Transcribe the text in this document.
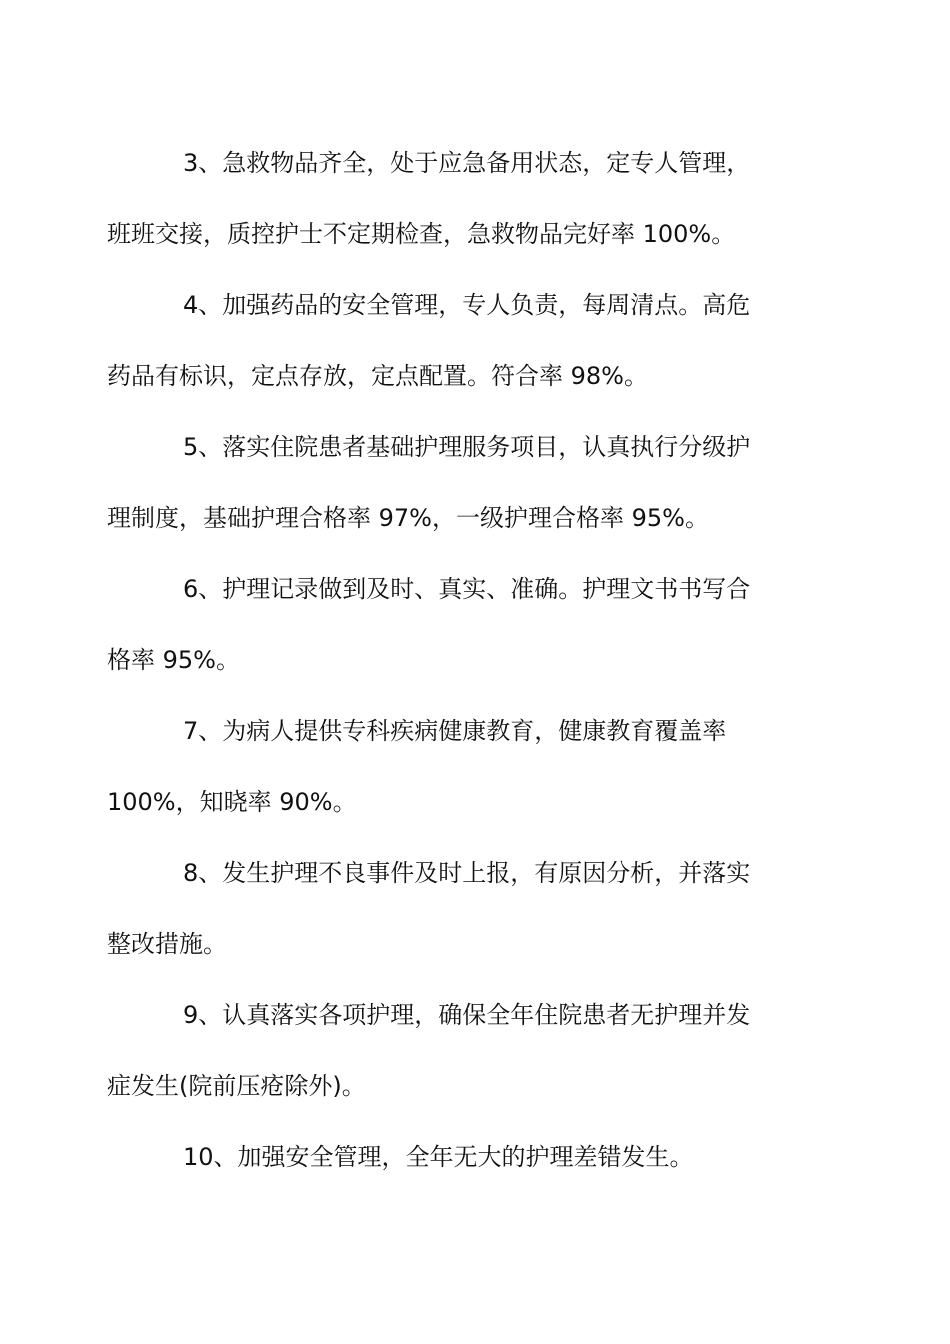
3、急救物品齐全，处于应急备用状态，定专人管理，
班班交接，质控护士不定期检查，急救物品完好率 100%。

4、加强药品的安全管理，专人负责，每周清点。高危
药品有标识，定点存放，定点配置。符合率 98%。

5、落实住院患者基础护理服务项目，认真执行分级护
理制度，基础护理合格率 97%，一级护理合格率 95%。

6、护理记录做到及时、真实、准确。护理文书书写合
格率 95%。

7、为病人提供专科疾病健康教育，健康教育覆盖率
100%，知晓率 90%。

8、发生护理不良事件及时上报，有原因分析，并落实
整改措施。

9、认真落实各项护理，确保全年住院患者无护理并发
症发生(院前压疮除外)。

10、加强安全管理，全年无大的护理差错发生。
